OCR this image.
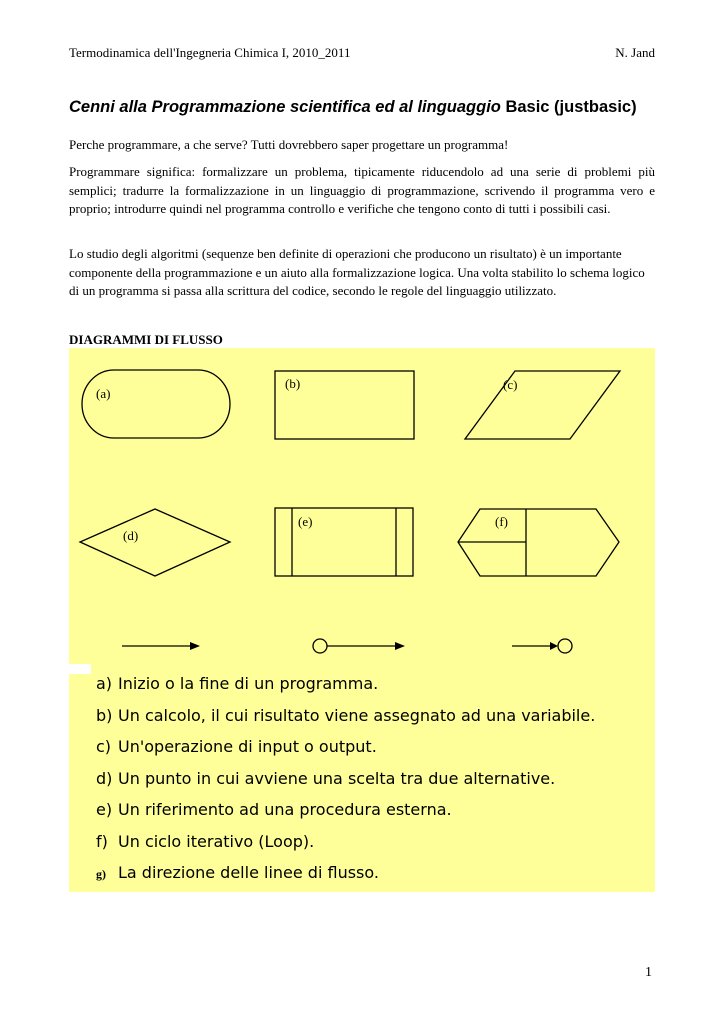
Termodinamica dell'Ingegneria Chimica I, 2010_2011	N. Jand
Cenni alla Programmazione scientifica ed al linguaggio Basic (justbasic)
Perche programmare, a che serve? Tutti dovrebbero saper progettare un programma!
Programmare significa: formalizzare un problema, tipicamente riducendolo ad una serie di problemi più semplici; tradurre la formalizzazione in un linguaggio di programmazione, scrivendo il programma vero e proprio; introdurre quindi nel programma controllo e verifiche che tengono conto di tutti i possibili casi.
Lo studio degli algoritmi (sequenze ben definite di operazioni che producono un risultato) è un importante componente della programmazione e un aiuto alla formalizzazione logica. Una volta stabilito lo schema logico di un programma si passa alla scrittura del codice, secondo le regole del linguaggio utilizzato.
DIAGRAMMI DI FLUSSO
(a)
(b)	(c)
(d)
(e)	(f)
a) Inizio o la fine di un programma.
b) Un calcolo, il cui risultato viene assegnato ad una variabile.
c) Un'operazione di input o output.
d) Un punto in cui avviene una scelta tra due alternative.
e) Un riferimento ad una procedura esterna.
f) Un ciclo iterativo (Loop).
g) La direzione delle linee di flusso.
1
